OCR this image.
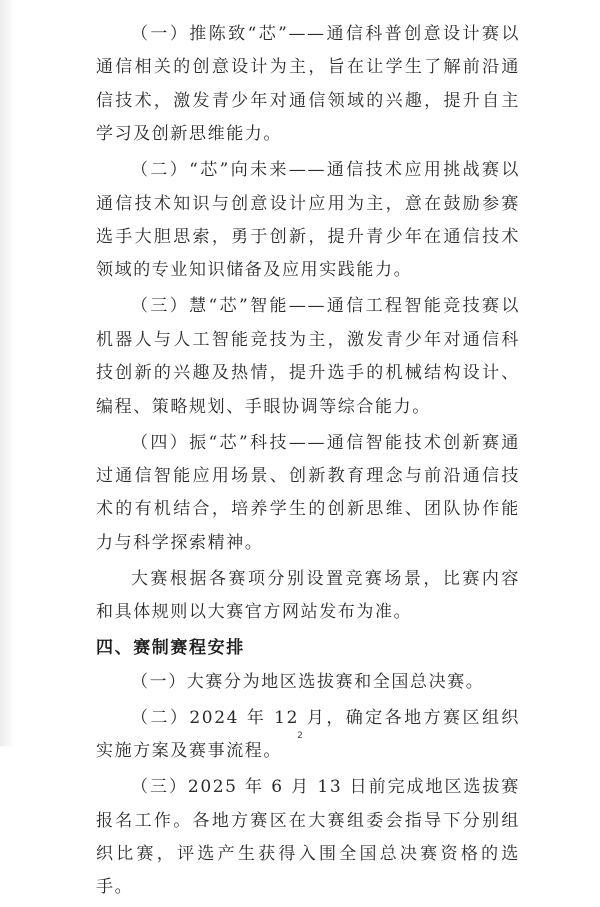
（一）推陈致“芯”——通信科普创意设计赛以通信相关的创意设计为主，旨在让学生了解前沿通信技术，激发青少年对通信领域的兴趣，提升自主学习及创新思维能力。

（二）“芯”向未来——通信技术应用挑战赛以通信技术知识与创意设计应用为主，意在鼓励参赛选手大胆思索，勇于创新，提升青少年在通信技术领域的专业知识储备及应用实践能力。

（三）慧“芯”智能——通信工程智能竞技赛以机器人与人工智能竞技为主，激发青少年对通信科技创新的兴趣及热情，提升选手的机械结构设计、编程、策略规划、手眼协调等综合能力。

（四）振“芯”科技——通信智能技术创新赛通过通信智能应用场景、创新教育理念与前沿通信技术的有机结合，培养学生的创新思维、团队协作能力与科学探索精神。

大赛根据各赛项分别设置竞赛场景，比赛内容和具体规则以大赛官方网站发布为准。

四、赛制赛程安排

（一）大赛分为地区选拔赛和全国总决赛。

（二）2024 年 12 月，确定各地方赛区组织实施方案及赛事流程。

（三）2025 年 6 月 13 日前完成地区选拔赛报名工作。各地方赛区在大赛组委会指导下分别组织比赛，评选产生获得入围全国总决赛资格的选手。

2
